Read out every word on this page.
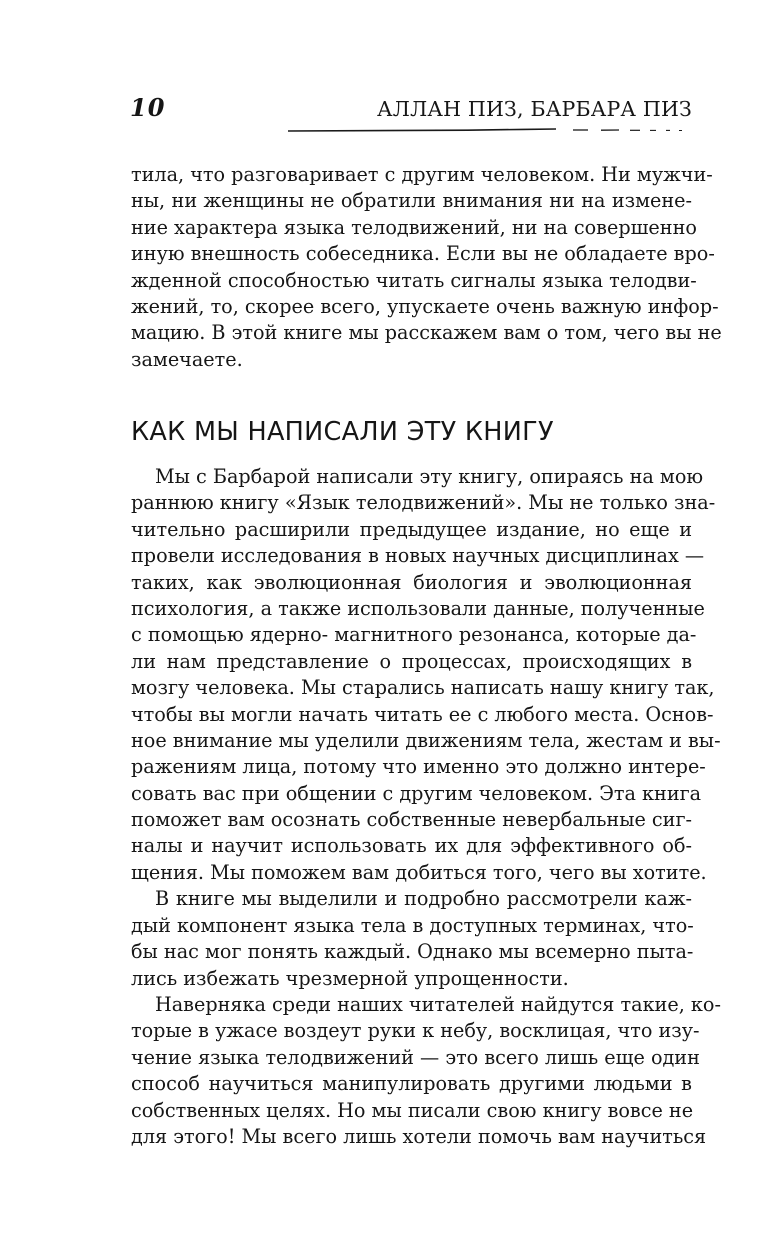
10	АЛЛАН ПИЗ, БАРБАРА ПИЗ
тила, что разговаривает с другим человеком. Ни мужчи-
ны, ни женщины не обратили внимания ни на измене-
ние характера языка телодвижений, ни на совершенно
иную внешность собеседника. Если вы не обладаете вро-
жденной способностью читать сигналы языка телодви-
жений, то, скорее всего, упускаете очень важную инфор-
мацию. В этой книге мы расскажем вам о том, чего вы не
замечаете.
КАК МЫ НАПИСАЛИ ЭТУ КНИГУ
Мы с Барбарой написали эту книгу, опираясь на мою
раннюю книгу «Язык телодвижений». Мы не только зна-
чительно расширили предыдущее издание, но еще и
провели исследования в новых научных дисциплинах —
таких, как эволюционная биология и эволюционная
психология, а также использовали данные, полученные
с помощью ядерно- магнитного резонанса, которые да-
ли нам представление о процессах, происходящих в
мозгу человека. Мы старались написать нашу книгу так,
чтобы вы могли начать читать ее с любого места. Основ-
ное внимание мы уделили движениям тела, жестам и вы-
ражениям лица, потому что именно это должно интере-
совать вас при общении с другим человеком. Эта книга
поможет вам осознать собственные невербальные сиг-
налы и научит использовать их для эффективного об-
щения. Мы поможем вам добиться того, чего вы хотите.
В книге мы выделили и подробно рассмотрели каж-
дый компонент языка тела в доступных терминах, что-
бы нас мог понять каждый. Однако мы всемерно пыта-
лись избежать чрезмерной упрощенности.
Наверняка среди наших читателей найдутся такие, ко-
торые в ужасе воздеут руки к небу, восклицая, что изу-
чение языка телодвижений — это всего лишь еще один
способ научиться манипулировать другими людьми в
собственных целях. Но мы писали свою книгу вовсе не
для этого! Мы всего лишь хотели помочь вам научиться
